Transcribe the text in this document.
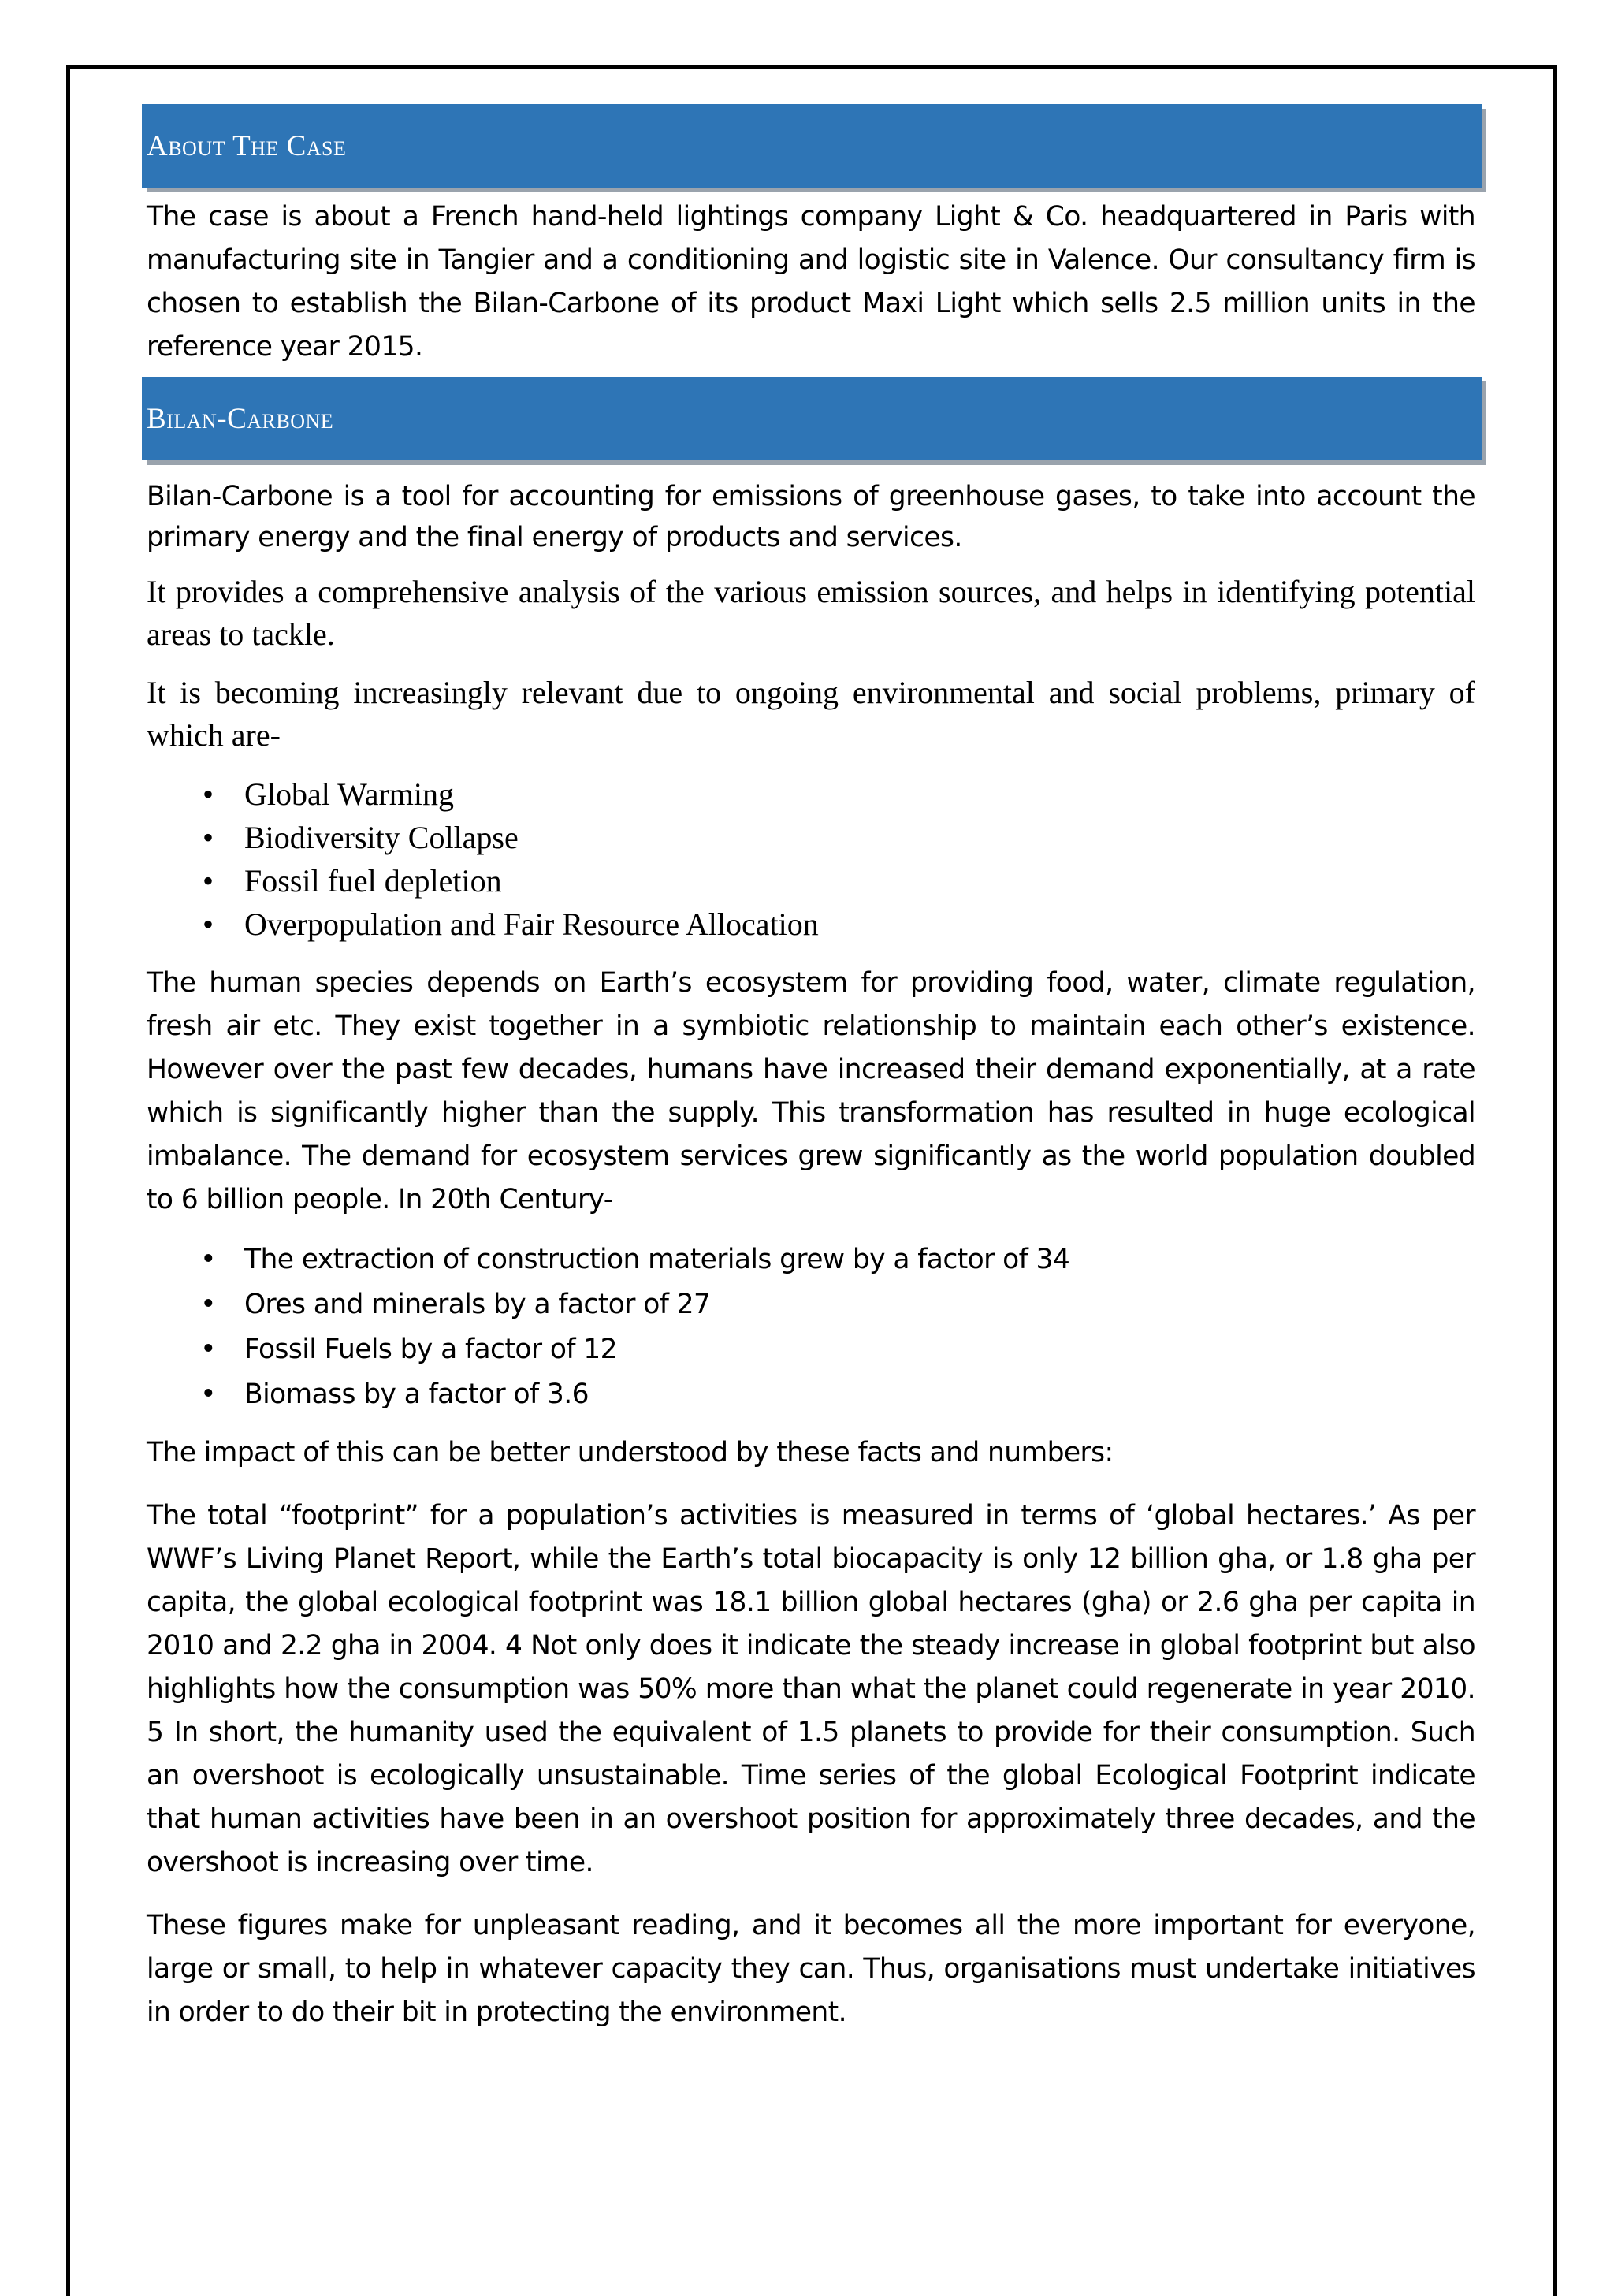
About The Case

The case is about a French hand-held lightings company Light & Co. headquartered in Paris with manufacturing site in Tangier and a conditioning and logistic site in Valence. Our consultancy firm is chosen to establish the Bilan-Carbone of its product Maxi Light which sells 2.5 million units in the reference year 2015.

Bilan-Carbone

Bilan-Carbone is a tool for accounting for emissions of greenhouse gases, to take into account the primary energy and the final energy of products and services.

It provides a comprehensive analysis of the various emission sources, and helps in identifying potential areas to tackle.

It is becoming increasingly relevant due to ongoing environmental and social problems, primary of which are-

• Global Warming
• Biodiversity Collapse
• Fossil fuel depletion
• Overpopulation and Fair Resource Allocation

The human species depends on Earth’s ecosystem for providing food, water, climate regulation, fresh air etc. They exist together in a symbiotic relationship to maintain each other’s existence. However over the past few decades, humans have increased their demand exponentially, at a rate which is significantly higher than the supply. This transformation has resulted in huge ecological imbalance. The demand for ecosystem services grew significantly as the world population doubled to 6 billion people. In 20th Century-

• The extraction of construction materials grew by a factor of 34
• Ores and minerals by a factor of 27
• Fossil Fuels by a factor of 12
• Biomass by a factor of 3.6

The impact of this can be better understood by these facts and numbers:

The total “footprint” for a population’s activities is measured in terms of ‘global hectares.’ As per WWF’s Living Planet Report, while the Earth’s total biocapacity is only 12 billion gha, or 1.8 gha per capita, the global ecological footprint was 18.1 billion global hectares (gha) or 2.6 gha per capita in 2010 and 2.2 gha in 2004. 4 Not only does it indicate the steady increase in global footprint but also highlights how the consumption was 50% more than what the planet could regenerate in year 2010. 5 In short, the humanity used the equivalent of 1.5 planets to provide for their consumption. Such an overshoot is ecologically unsustainable. Time series of the global Ecological Footprint indicate that human activities have been in an overshoot position for approximately three decades, and the overshoot is increasing over time.

These figures make for unpleasant reading, and it becomes all the more important for everyone, large or small, to help in whatever capacity they can. Thus, organisations must undertake initiatives in order to do their bit in protecting the environment.
